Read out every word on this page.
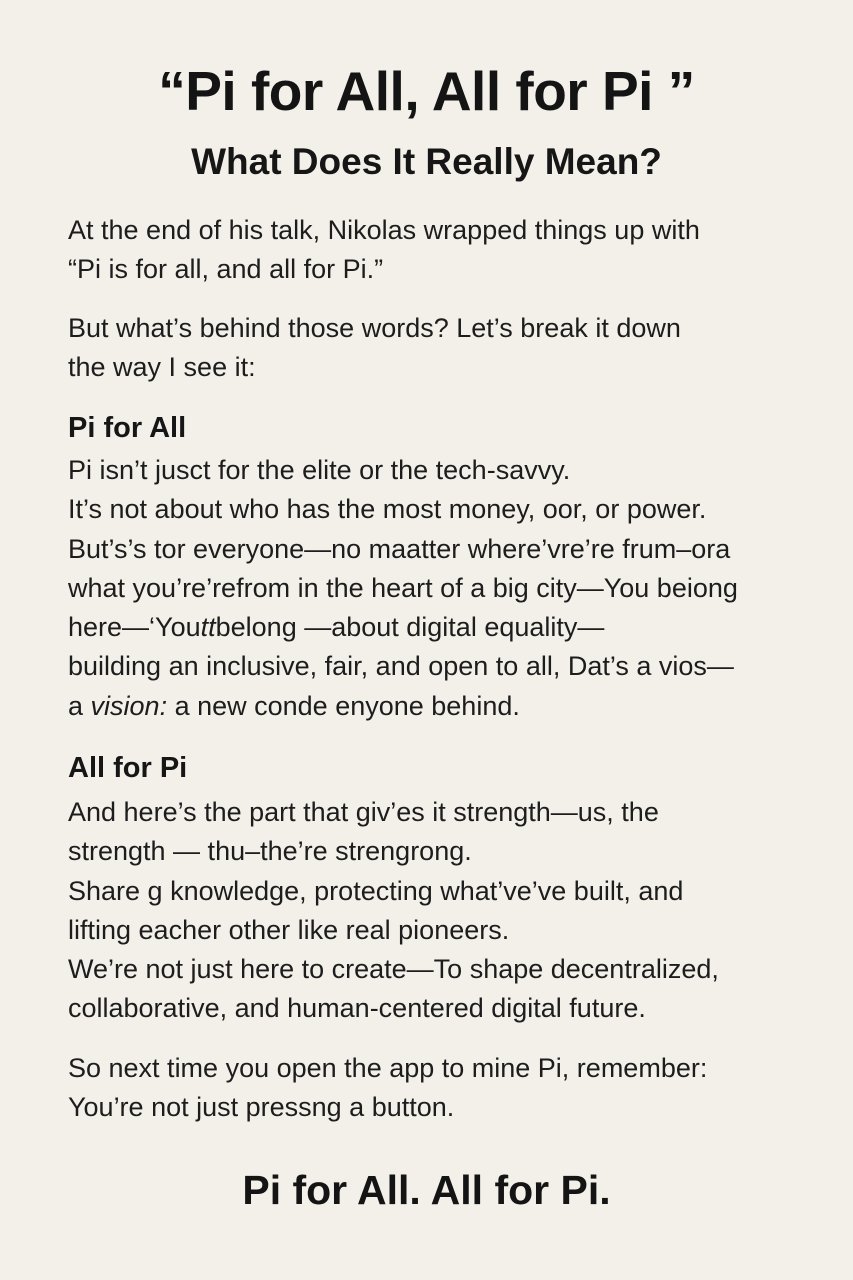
“Pi for All, All for Pi ”
What Does It Really Mean?
At the end of his talk, Nikolas wrapped things up with
“Pi is for all, and all for Pi.”
But what’s behind those words? Let’s break it down
the way I see it:
Pi for All
Pi isn’t jusct for the elite or the tech-savvy.
It’s not about who has the most money, oor, or power.
But’s’s tor everyone—no maatter where’vre’re frum–ora
what you’re’refrom in the heart of a big city—You beiong
here—‘Youttbelong —about digital equality—
building an inclusive, fair, and open to all, Dat’s a vios—
a vision: a new conde enyone behind.
All for Pi
And here’s the part that giv’es it strength—us, the
strength — thu–the’re strengrong.
Share g knowledge, protecting what’ve’ve built, and
lifting eacher other like real pioneers.
We’re not just here to create—To shape decentralized,
collaborative, and human-centered digital future.
So next time you open the app to mine Pi, remember:
You’re not just pressng a button.
Pi for All. All for Pi.
